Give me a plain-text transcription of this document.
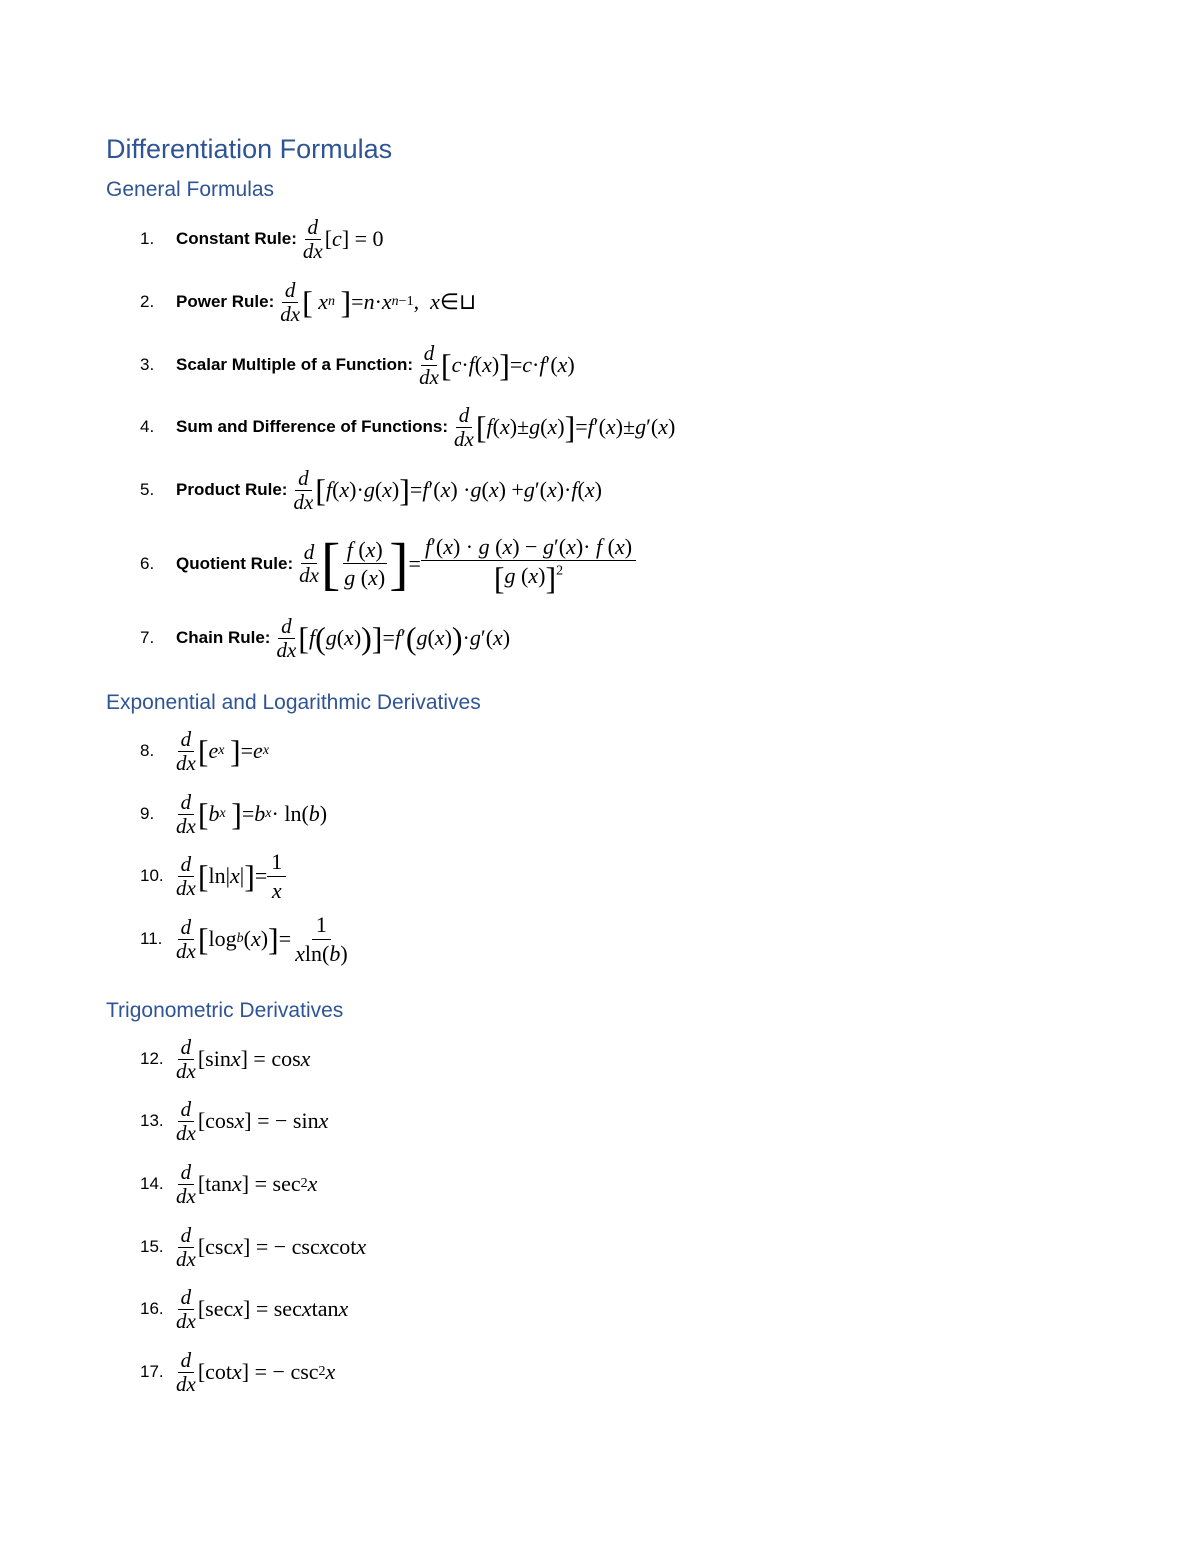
Differentiation Formulas
General Formulas
1.	Constant Rule: d
dx [ c ] = 0
2.	Power Rule: d
dx [
x n
] = n · x n−1 , x ∈⊔
3.	Scalar Multiple of a Function: d
dx [ c · f ( x ) ] = c · f ′( x )
4.	Sum and Difference of Functions: d
dx [ f ( x )± g ( x ) ] = f ′( x )± g ′( x )
5.	Product Rule: d
dx [ f ( x )· g ( x ) ] = f ′( x ) · g ( x ) + g ′( x )· f ( x )
6.	Quotient Rule: d
dx [ $\frac{f (x)}{g (x)}$ ] = $\frac{f'(x) \cdot g (x) - g'(x)\cdot f (x)}{[g (x)]^2}$
7.	Chain Rule: d
dx [ f ( g ( x ) ) ] = f ′ ( g ( x ) ) · g ′( x )
Exponential and Logarithmic Derivatives
8.	d
dx [ e x
] = e x
9.	d
dx [ b x
] = b x · ln( b )
10. d
dx [ ln| x | ] = $\frac{1}{x}$
11. d
dx [ log b ( x ) ] = $\frac{1}{xln(b)}$
Trigonometric Derivatives
12. d
dx [sin x ] = cos x
13. d
dx [cos x ] = − sin x
14. d
dx [tan x ] = sec 2 x
15. d
dx [csc x ] = − csc x cot x
16. d
dx [sec x ] = sec x tan x
17. d
dx [cot x ] = − csc 2 x
